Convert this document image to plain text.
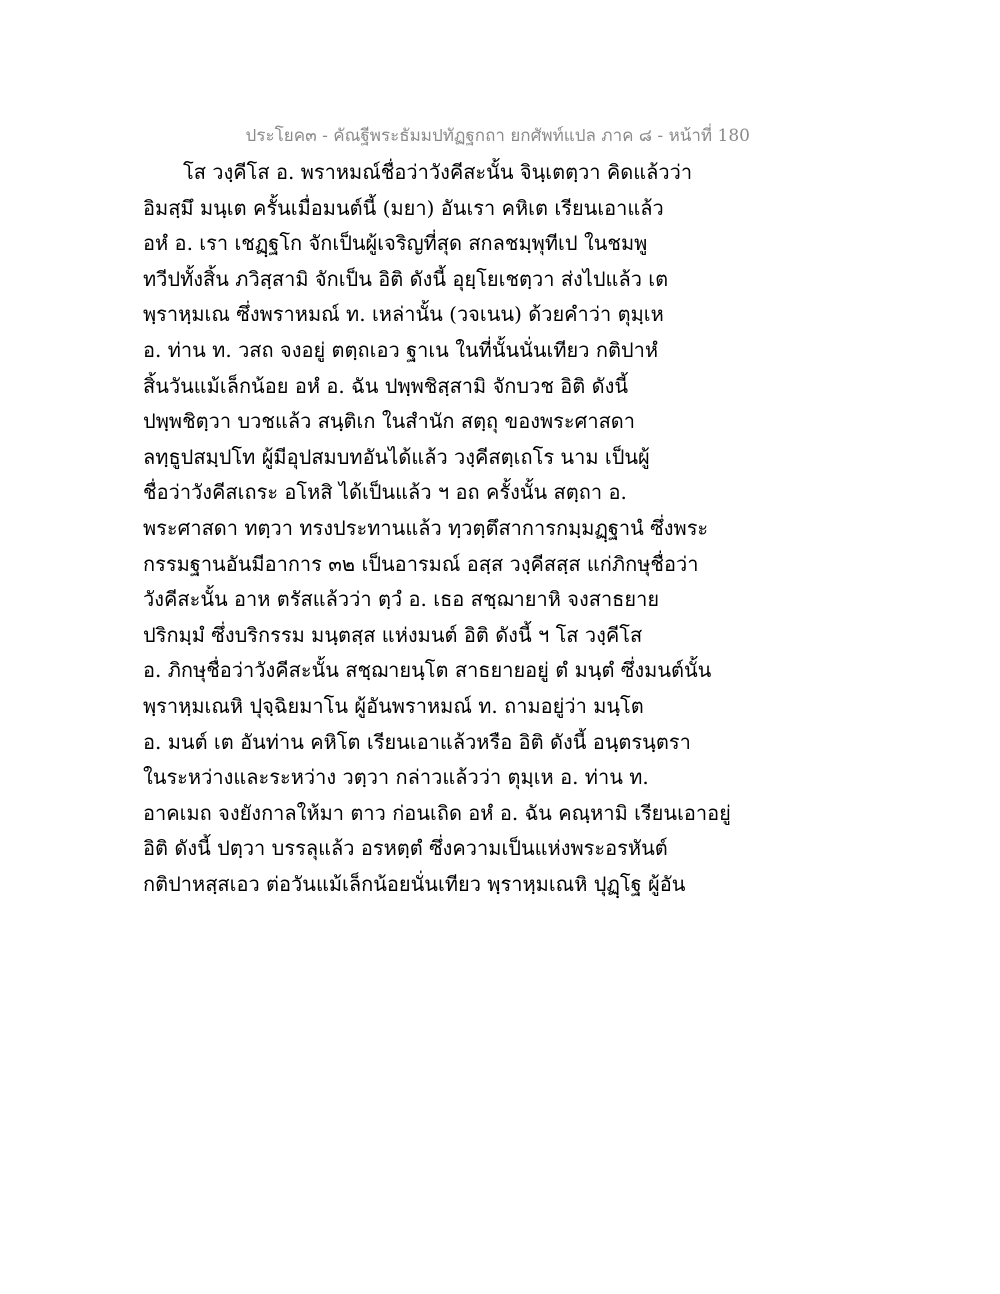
ประโยค๓ - คัณฐีพระธัมมปทัฏฐกถา ยกศัพท์แปล ภาค ๘ - หน้าที่ 180
โส วงฺคีโส อ. พราหมณ์ชื่อว่าวังคีสะนั้น จินฺเตตฺวา คิดแล้วว่า
อิมสฺมึ มนฺเต ครั้นเมื่อมนต์นี้ (มยา) อันเรา คหิเต เรียนเอาแล้ว
อหํ อ. เรา เชฏฺฐโก จักเป็นผู้เจริญที่สุด สกลชมฺพุทีเป ในชมพู
ทวีปทั้งสิ้น ภวิสฺสามิ จักเป็น อิติ ดังนี้ อุยฺโยเชตฺวา ส่งไปแล้ว เต
พฺราหฺมเณ ซึ่งพราหมณ์ ท. เหล่านั้น (วจเนน) ด้วยคำว่า ตุมฺเห
อ. ท่าน ท. วสถ จงอยู่ ตตฺถเอว ฐาเน ในที่นั้นนั่นเทียว กติปาหํ
สิ้นวันแม้เล็กน้อย อหํ อ. ฉัน ปพฺพชิสฺสามิ จักบวช อิติ ดังนี้
ปพฺพชิตฺวา บวชแล้ว สนฺติเก ในสำนัก สตฺถุ ของพระศาสดา
ลทฺธูปสมฺปโท ผู้มีอุปสมบทอันได้แล้ว วงฺคีสตฺเถโร นาม เป็นผู้
ชื่อว่าวังคีสเถระ อโหสิ ได้เป็นแล้ว ฯ อถ ครั้งนั้น สตฺถา อ.
พระศาสดา ทตฺวา ทรงประทานแล้ว ทฺวตฺตึสาการกมฺมฏฺฐานํ ซึ่งพระ
กรรมฐานอันมีอาการ ๓๒ เป็นอารมณ์ อสฺส วงฺคีสสฺส แก่ภิกษุชื่อว่า
วังคีสะนั้น อาห ตรัสแล้วว่า ตฺวํ อ. เธอ สชฺฌายาหิ จงสาธยาย
ปริกมฺมํ ซึ่งบริกรรม มนฺตสฺส แห่งมนต์ อิติ ดังนี้ ฯ โส วงฺคีโส
อ. ภิกษุชื่อว่าวังคีสะนั้น สชฺฌายนฺโต สาธยายอยู่ ตํ มนฺตํ ซึ่งมนต์นั้น
พฺราหฺมเณหิ ปุจฺฉิยมาโน ผู้อันพราหมณ์ ท. ถามอยู่ว่า มนฺโต
อ. มนต์ เต อันท่าน คหิโต เรียนเอาแล้วหรือ อิติ ดังนี้ อนฺตรนฺตรา
ในระหว่างและระหว่าง วตฺวา กล่าวแล้วว่า ตุมฺเห อ. ท่าน ท.
อาคเมถ จงยังกาลให้มา ตาว ก่อนเถิด อหํ อ. ฉัน คณฺหามิ เรียนเอาอยู่
อิติ ดังนี้ ปตฺวา บรรลุแล้ว อรหตฺตํ ซึ่งความเป็นแห่งพระอรหันต์
กติปาหสฺสเอว ต่อวันแม้เล็กน้อยนั่นเทียว พฺราหฺมเณหิ ปุฏฺโฐ ผู้อัน
